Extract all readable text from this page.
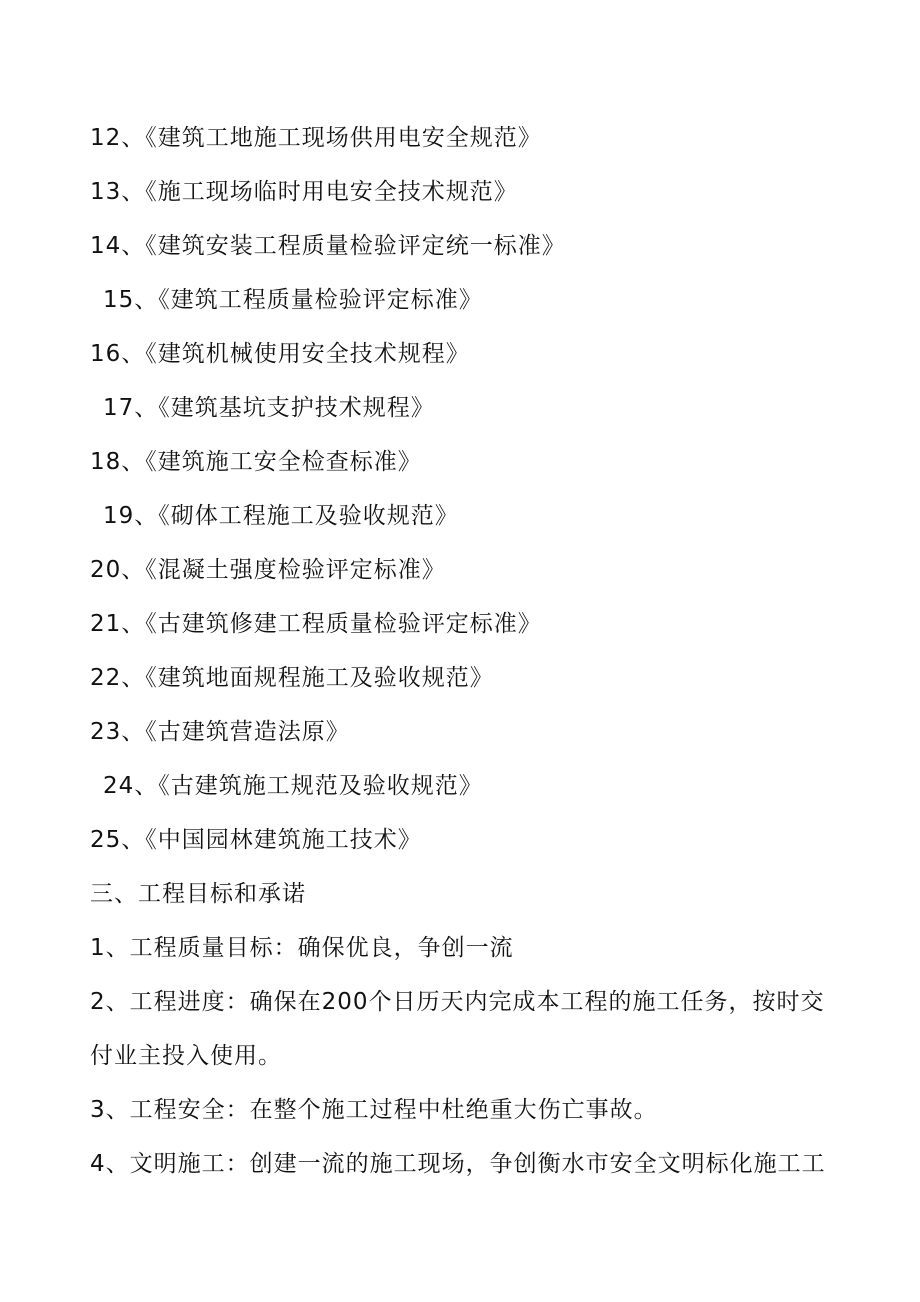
12、《建筑工地施工现场供用电安全规范》
13、《施工现场临时用电安全技术规范》
14、《建筑安装工程质量检验评定统一标准》
15、《建筑工程质量检验评定标准》
16、《建筑机械使用安全技术规程》
17、《建筑基坑支护技术规程》
18、《建筑施工安全检查标准》
19、《砌体工程施工及验收规范》
20、《混凝土强度检验评定标准》
21、《古建筑修建工程质量检验评定标准》
22、《建筑地面规程施工及验收规范》
23、《古建筑营造法原》
24、《古建筑施工规范及验收规范》
25、《中国园林建筑施工技术》
三、工程目标和承诺
1、工程质量目标：确保优良，争创一流
2、工程进度：确保在200个日历天内完成本工程的施工任务，按时交
付业主投入使用。
3、工程安全：在整个施工过程中杜绝重大伤亡事故。
4、文明施工：创建一流的施工现场，争创衡水市安全文明标化施工工
